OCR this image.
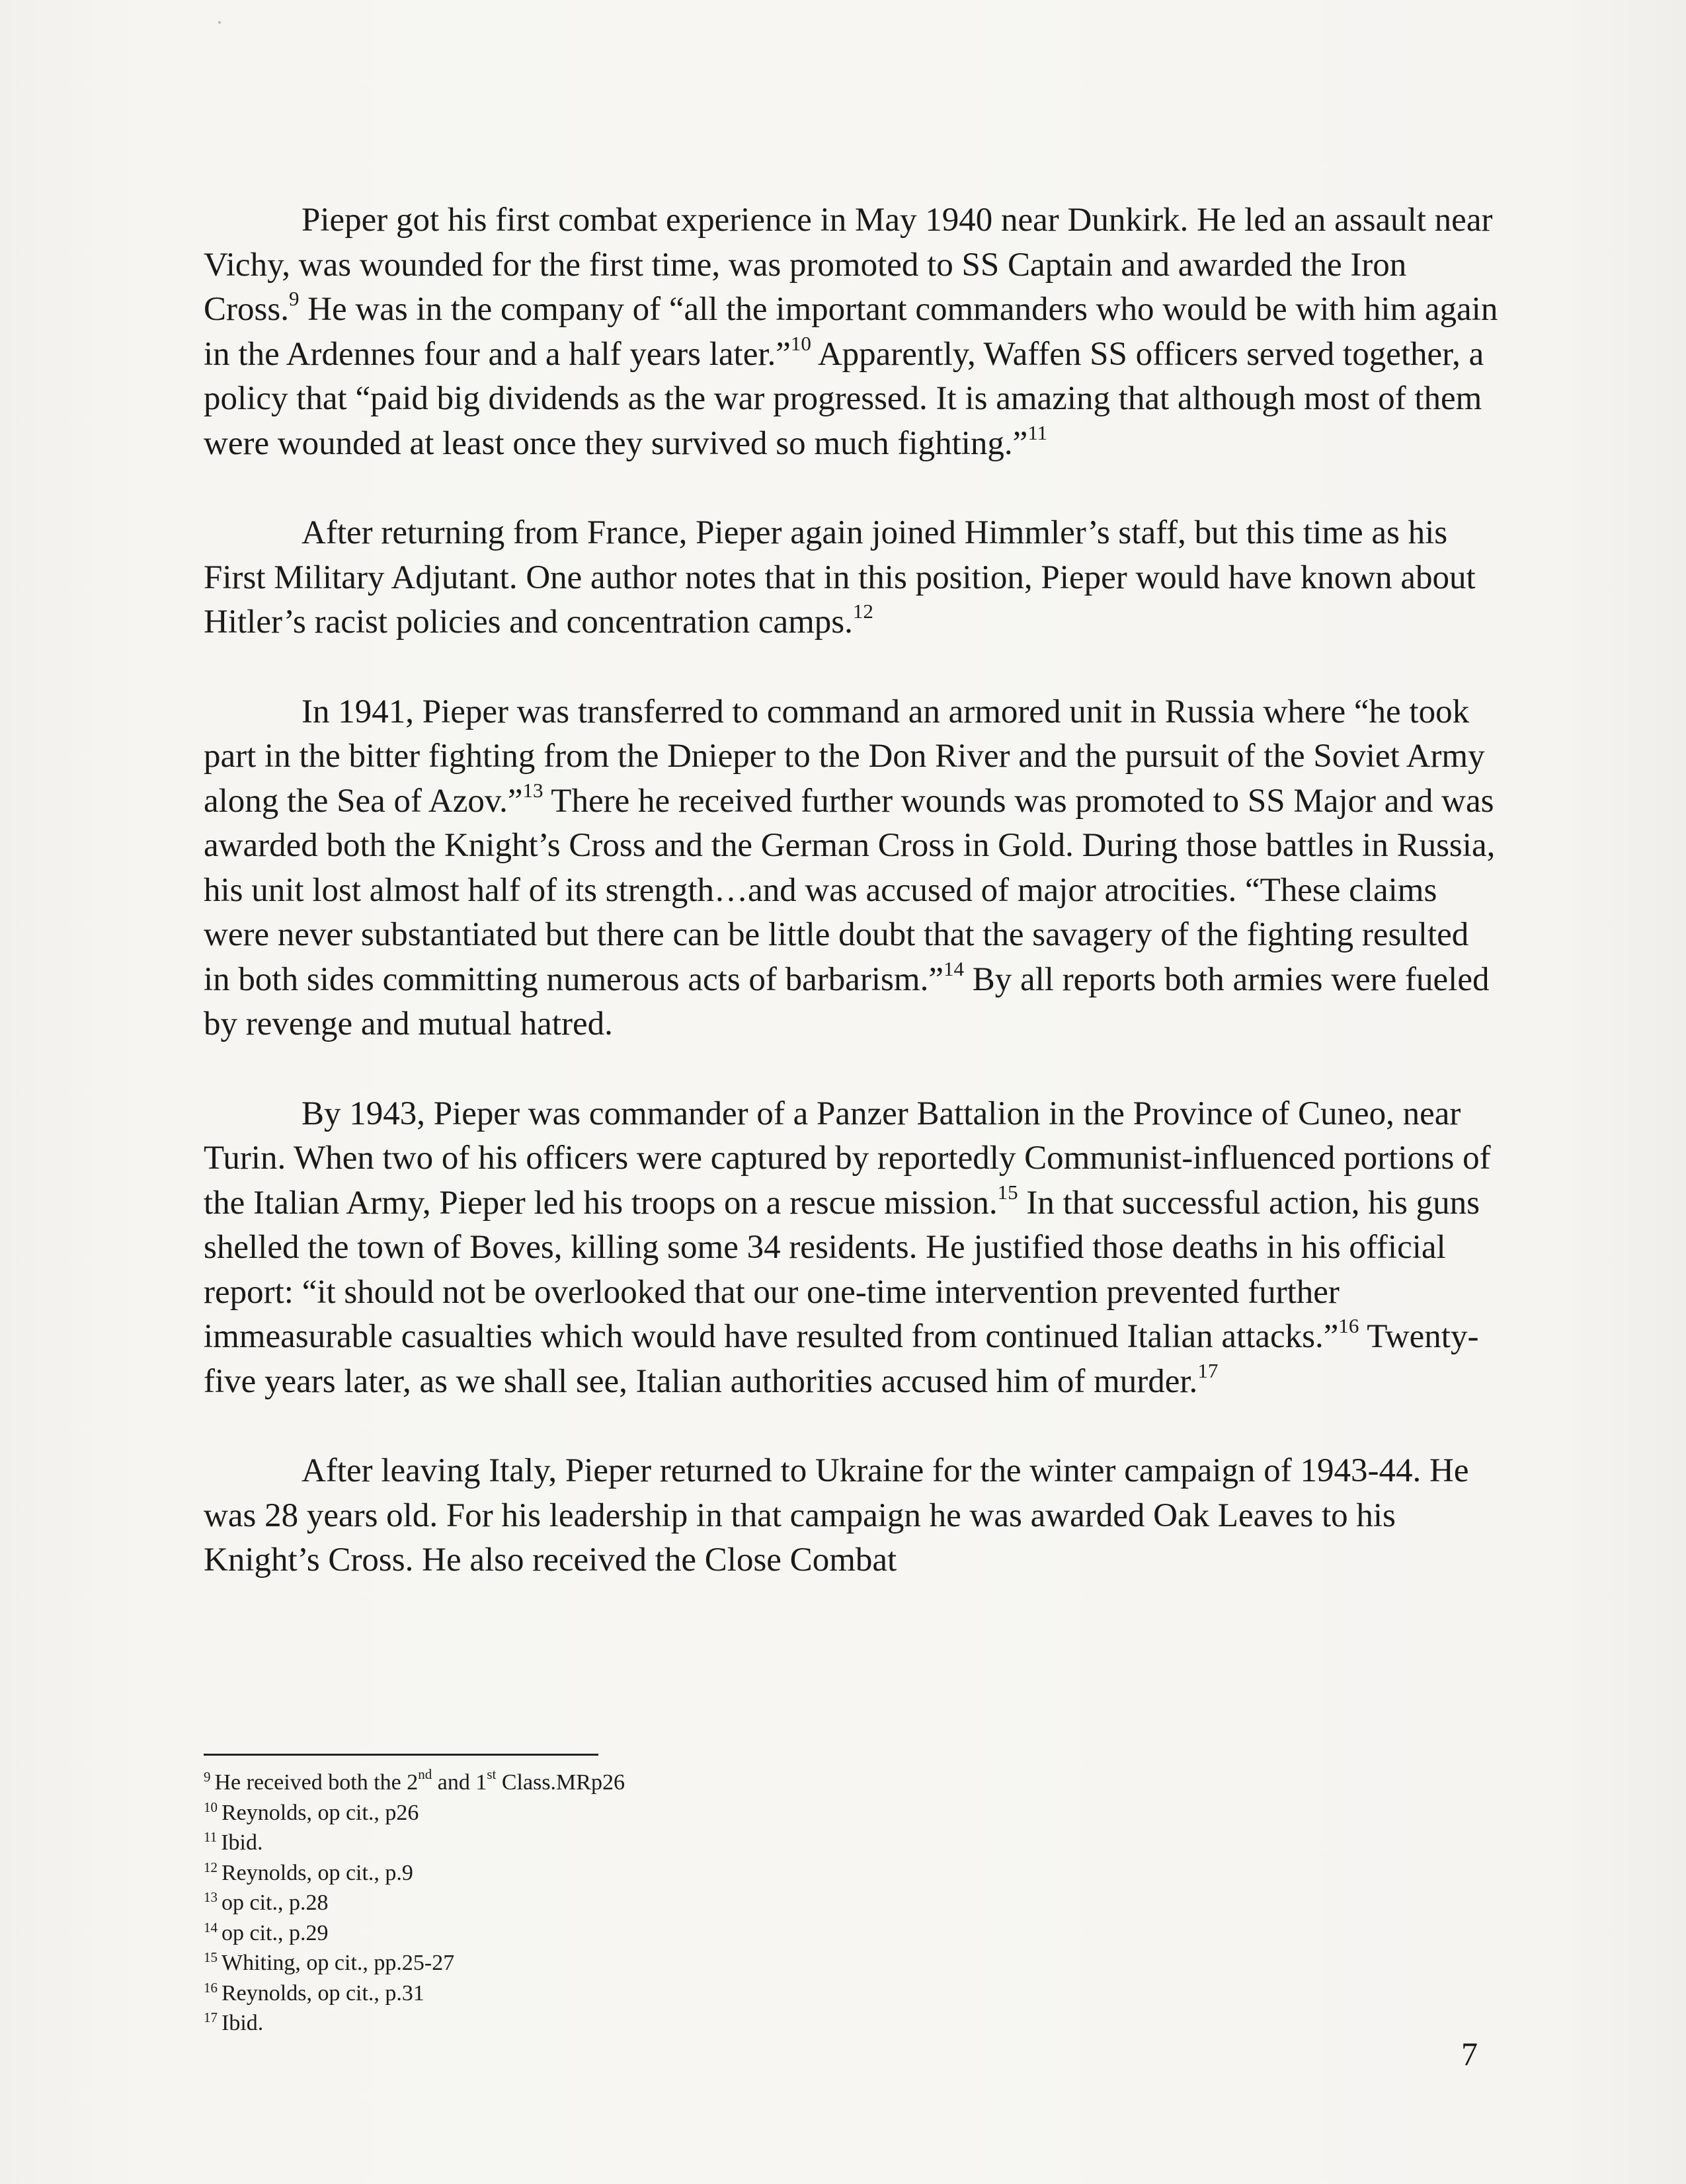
Pieper got his first combat experience in May 1940 near Dunkirk. He led an assault near Vichy, was wounded for the first time, was promoted to SS Captain and awarded the Iron Cross.$^9$ He was in the company of “all the important commanders who would be with him again in the Ardennes four and a half years later.”$^{10}$ Apparently, Waffen SS officers served together, a policy that “paid big dividends as the war progressed. It is amazing that although most of them were wounded at least once they survived so much fighting.”$^{11}$

After returning from France, Pieper again joined Himmler’s staff, but this time as his First Military Adjutant. One author notes that in this position, Pieper would have known about Hitler’s racist policies and concentration camps.$^{12}$

In 1941, Pieper was transferred to command an armored unit in Russia where “he took part in the bitter fighting from the Dnieper to the Don River and the pursuit of the Soviet Army along the Sea of Azov.”$^{13}$ There he received further wounds was promoted to SS Major and was awarded both the Knight’s Cross and the German Cross in Gold. During those battles in Russia, his unit lost almost half of its strength…and was accused of major atrocities. “These claims were never substantiated but there can be little doubt that the savagery of the fighting resulted in both sides committing numerous acts of barbarism.”$^{14}$ By all reports both armies were fueled by revenge and mutual hatred.

By 1943, Pieper was commander of a Panzer Battalion in the Province of Cuneo, near Turin. When two of his officers were captured by reportedly Communist-influenced portions of the Italian Army, Pieper led his troops on a rescue mission.$^{15}$ In that successful action, his guns shelled the town of Boves, killing some 34 residents. He justified those deaths in his official report: “it should not be overlooked that our one-time intervention prevented further immeasurable casualties which would have resulted from continued Italian attacks.”$^{16}$ Twenty-five years later, as we shall see, Italian authorities accused him of murder.$^{17}$

After leaving Italy, Pieper returned to Ukraine for the winter campaign of 1943-44. He was 28 years old. For his leadership in that campaign he was awarded Oak Leaves to his Knight’s Cross. He also received the Close Combat

$^9$ He received both the 2nd and 1st Class.MRp26

$^{10}$ Reynolds, op cit., p26

$^{11}$ Ibid.

$^{12}$ Reynolds, op cit., p.9

$^{13}$ op cit., p.28

$^{14}$ op cit., p.29

$^{15}$ Whiting, op cit., pp.25-27

$^{16}$ Reynolds, op cit., p.31

$^{17}$ Ibid.

7
